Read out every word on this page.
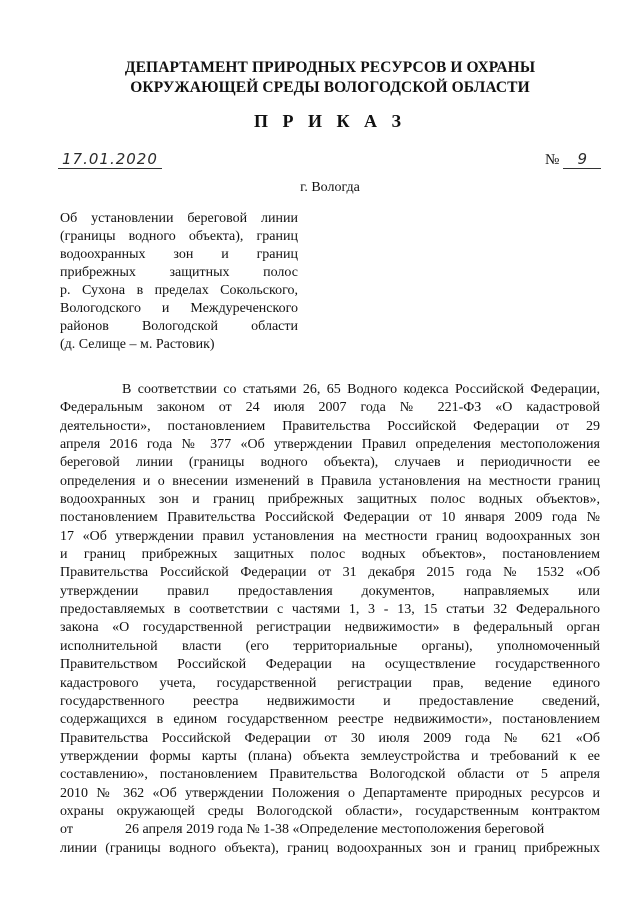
ДЕПАРТАМЕНТ ПРИРОДНЫХ РЕСУРСОВ И ОХРАНЫ
ОКРУЖАЮЩЕЙ СРЕДЫ ВОЛОГОДСКОЙ ОБЛАСТИ
П Р И К А З
17.01.2020	№ 9
г. Вологда
Об установлении береговой линии
(границы водного объекта), границ
водоохранных зон и границ
прибрежных защитных полос
р. Сухона в пределах Сокольского,
Вологодского и Междуреченского
районов Вологодской области
(д. Селище – м. Растовик)
В соответствии со статьями 26, 65 Водного кодекса Российской Федерации,
Федеральным законом от 24 июля 2007 года № 221-ФЗ «О кадастровой
деятельности», постановлением Правительства Российской Федерации от 29
апреля 2016 года № 377 «Об утверждении Правил определения местоположения
береговой линии (границы водного объекта), случаев и периодичности ее
определения и о внесении изменений в Правила установления на местности границ
водоохранных зон и границ прибрежных защитных полос водных объектов»,
постановлением Правительства Российской Федерации от 10 января 2009 года №
17 «Об утверждении правил установления на местности границ водоохранных зон
и границ прибрежных защитных полос водных объектов», постановлением
Правительства Российской Федерации от 31 декабря 2015 года № 1532 «Об
утверждении правил предоставления документов, направляемых или
предоставляемых в соответствии с частями 1, 3 - 13, 15 статьи 32 Федерального
закона «О государственной регистрации недвижимости» в федеральный орган
исполнительной власти (его территориальные органы), уполномоченный
Правительством Российской Федерации на осуществление государственного
кадастрового учета, государственной регистрации прав, ведение единого
государственного реестра недвижимости и предоставление сведений,
содержащихся в едином государственном реестре недвижимости», постановлением
Правительства Российской Федерации от 30 июля 2009 года № 621 «Об
утверждении формы карты (плана) объекта землеустройства и требований к ее
составлению», постановлением Правительства Вологодской области от 5 апреля
2010 № 362 «Об утверждении Положения о Департаменте природных ресурсов и
охраны окружающей среды Вологодской области», государственным контрактом
от	26 апреля 2019 года № 1-38 «Определение местоположения береговой
линии (границы водного объекта), границ водоохранных зон и границ прибрежных
